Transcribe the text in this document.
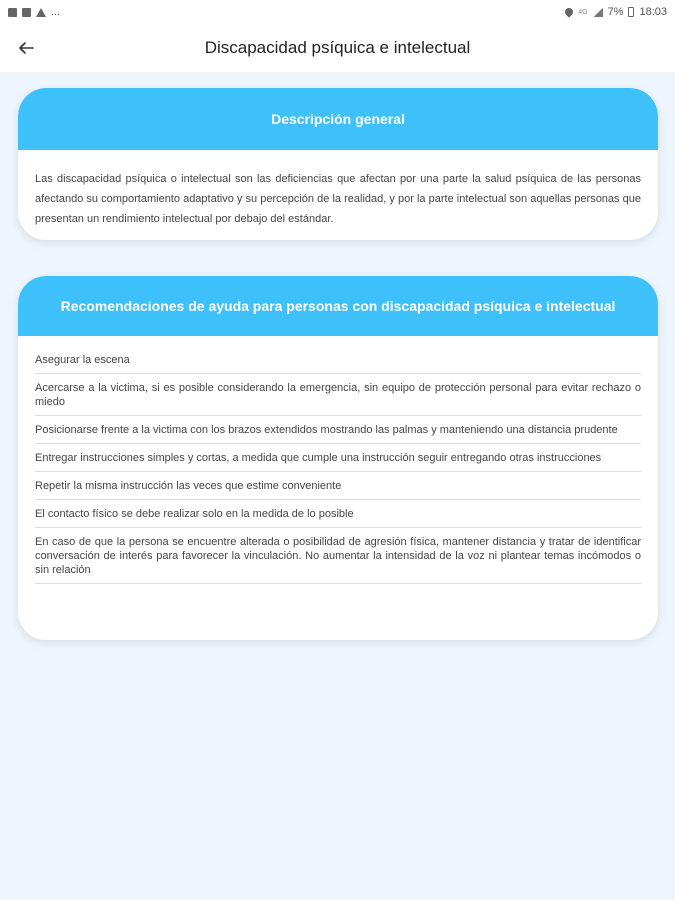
...	4G 7% 18:03
Discapacidad psíquica e intelectual
Descripción general

Las discapacidad psíquica o intelectual son las deficiencias que afectan por una parte la salud psíquica de las personas afectando su comportamiento adaptativo y su percepción de la realidad, y por la parte intelectual son aquellas personas que presentan un rendimiento intelectual por debajo del estándar.

Recomendaciones de ayuda para personas con discapacidad psíquica e intelectual
Asegurar la escena
Acercarse a la victima, si es posible considerando la emergencia, sin equipo de protección personal para evitar rechazo o miedo
Posicionarse frente a la victima con los brazos extendidos mostrando las palmas y manteniendo una distancia prudente
Entregar instrucciones simples y cortas, a medida que cumple una instrucción seguir entregando otras instrucciones
Repetir la misma instrucción las veces que estime conveniente
El contacto físico se debe realizar solo en la medida de lo posible
En caso de que la persona se encuentre alterada o posibilidad de agresión física, mantener distancia y tratar de identificar conversación de interés para favorecer la vinculación. No aumentar la intensidad de la voz ni plantear temas incómodos o sin relación
